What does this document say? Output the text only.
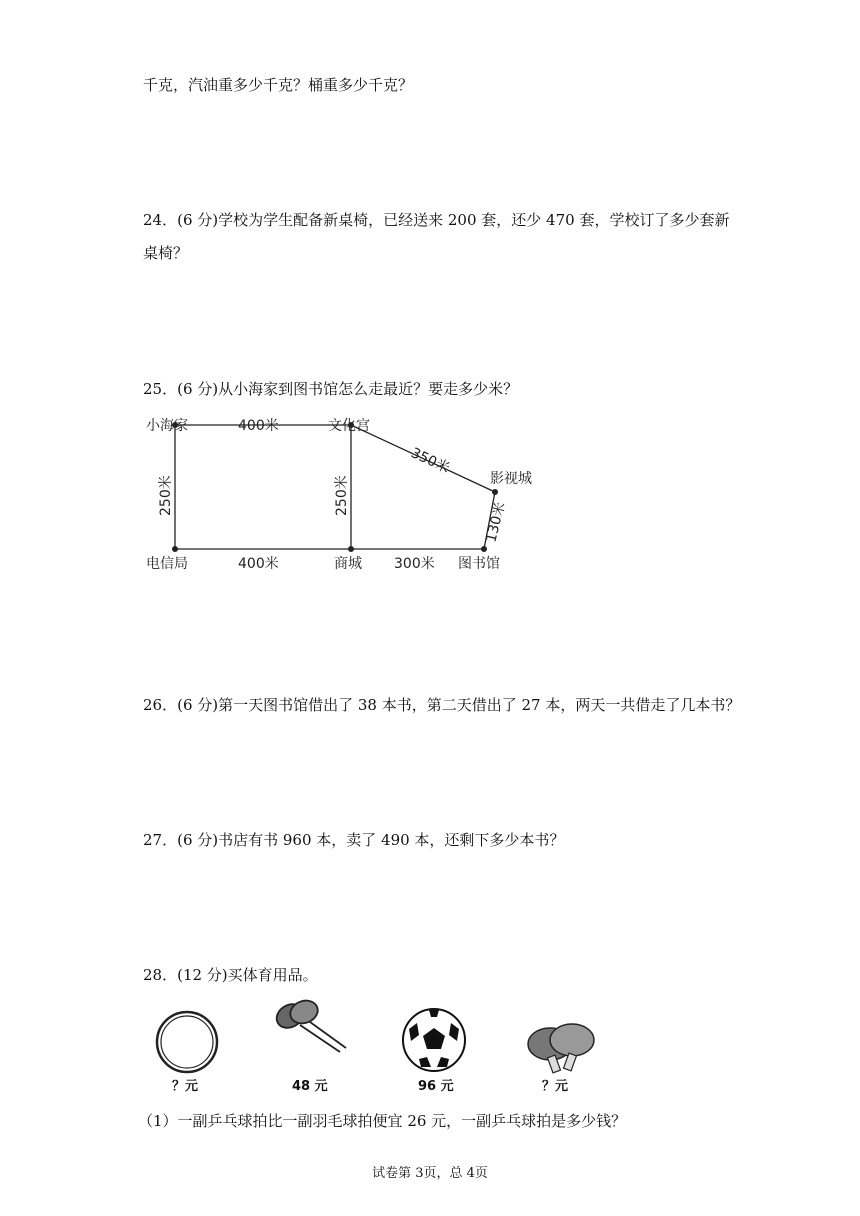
千克，汽油重多少千克？桶重多少千克？
24．(6 分)学校为学生配备新桌椅，已经送来 200 套，还少 470 套，学校订了多少套新
桌椅？
25．(6 分)从小海家到图书馆怎么走最近？要走多少米？
小海家	文化宫
影视城
电信局	商城	图书馆
400米
350米
250米	250米
130米
400米	300米
26．(6 分)第一天图书馆借出了 38 本书，第二天借出了 27 本，两天一共借走了几本书？
27．(6 分)书店有书 960 本，卖了 490 本，还剩下多少本书？
28．(12 分)买体育用品。
？元	48 元	96 元	？元
（1）一副乒乓球拍比一副羽毛球拍便宜 26 元，一副乒乓球拍是多少钱？
试卷第 3页，总 4页
